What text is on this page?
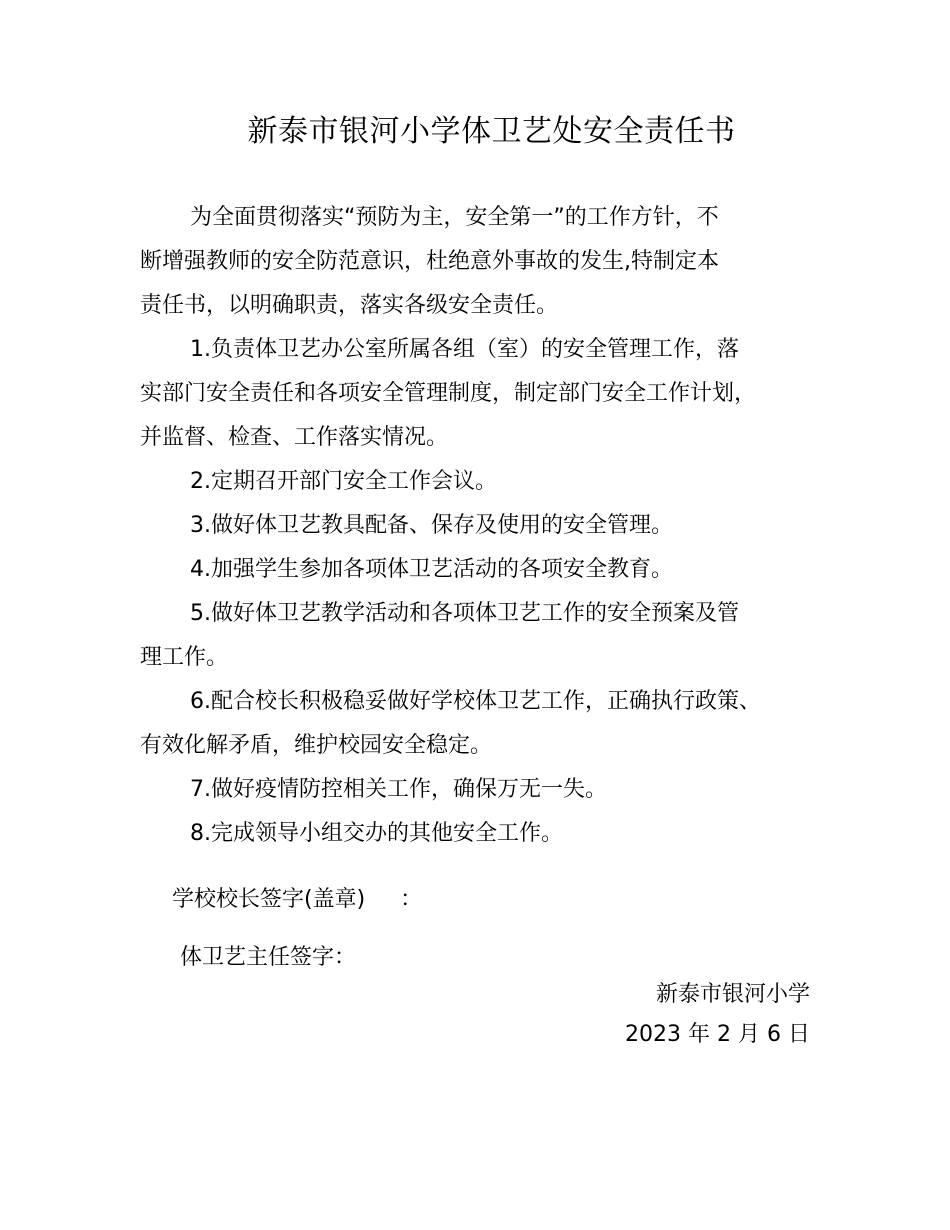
新泰市银河小学体卫艺处安全责任书

为全面贯彻落实“预防为主，安全第一”的工作方针，不
断增强教师的安全防范意识，杜绝意外事故的发生,特制定本
责任书，以明确职责，落实各级安全责任。

1.负责体卫艺办公室所属各组（室）的安全管理工作，落
实部门安全责任和各项安全管理制度，制定部门安全工作计划，
并监督、检查、工作落实情况。

2.定期召开部门安全工作会议。

3.做好体卫艺教具配备、保存及使用的安全管理。

4.加强学生参加各项体卫艺活动的各项安全教育。

5.做好体卫艺教学活动和各项体卫艺工作的安全预案及管
理工作。

6.配合校长积极稳妥做好学校体卫艺工作，正确执行政策、
有效化解矛盾，维护校园安全稳定。

7.做好疫情防控相关工作，确保万无一失。

8.完成领导小组交办的其他安全工作。

学校校长签字(盖章)     ：
体卫艺主任签字：
新泰市银河小学
2023 年 2 月 6 日
